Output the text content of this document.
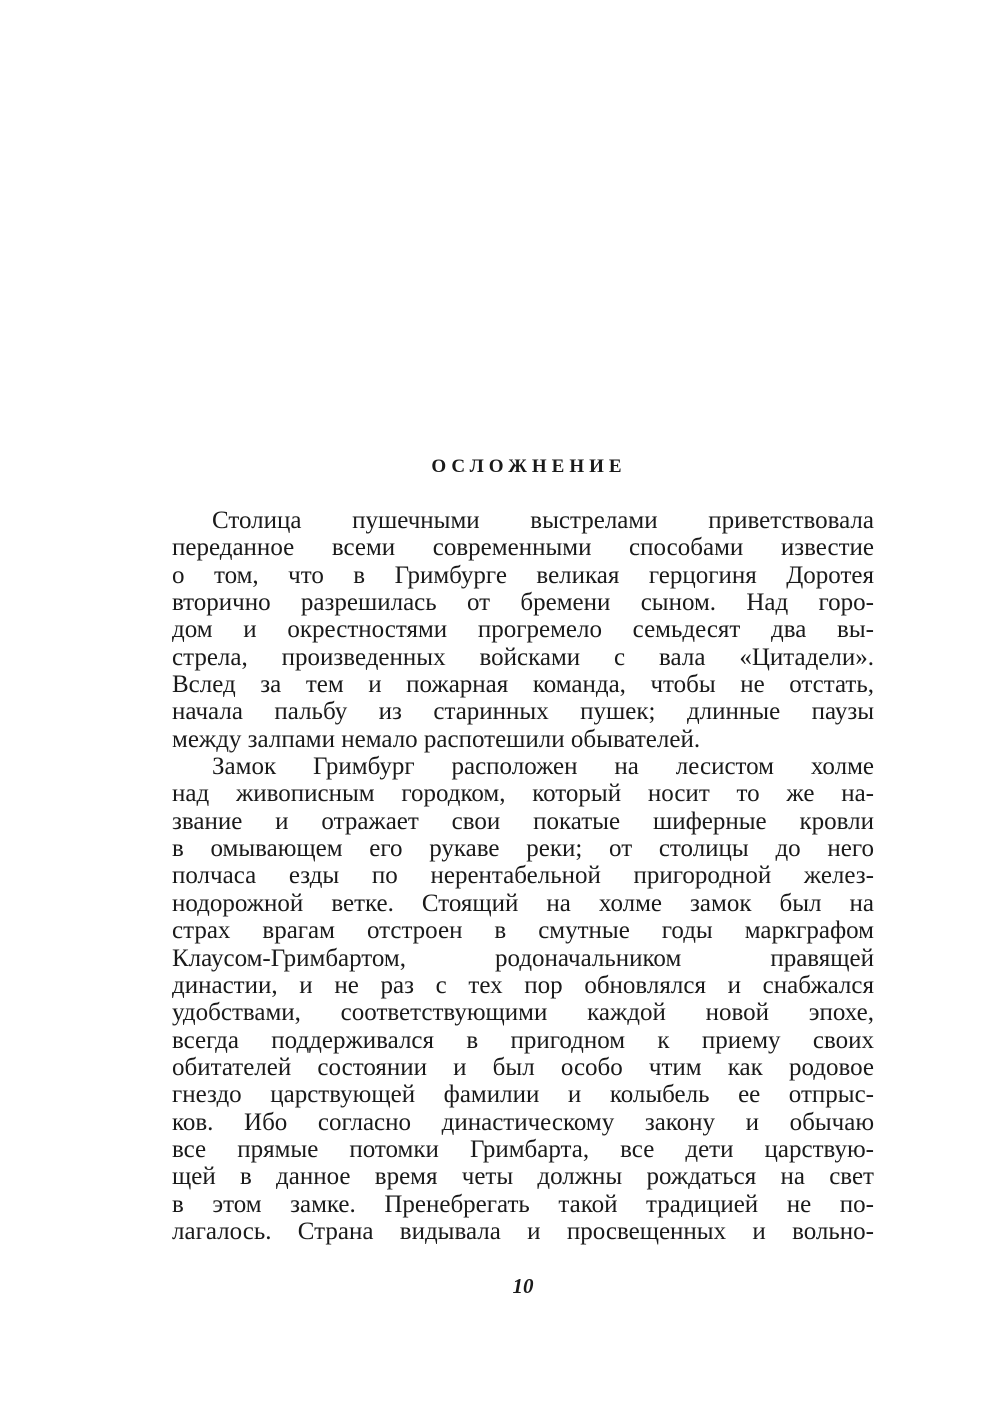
ОСЛОЖНЕНИЕ

Столица пушечными выстрелами приветствовала
переданное всеми современными способами известие
о том, что в Гримбурге великая герцогиня Доротея
вторично разрешилась от бремени сыном. Над горо-
дом и окрестностями прогремело семьдесят два вы-
стрела, произведенных войсками с вала «Цитадели».
Вслед за тем и пожарная команда, чтобы не отстать,
начала пальбу из старинных пушек; длинные паузы
между залпами немало распотешили обывателей.

Замок Гримбург расположен на лесистом холме
над живописным городком, который носит то же на-
звание и отражает свои покатые шиферные кровли
в омывающем его рукаве реки; от столицы до него
полчаса езды по нерентабельной пригородной желез-
нодорожной ветке. Стоящий на холме замок был на
страх врагам отстроен в смутные годы маркграфом
Клаусом-Гримбартом, родоначальником правящей
династии, и не раз с тех пор обновлялся и снабжался
удобствами, соответствующими каждой новой эпохе,
всегда поддерживался в пригодном к приему своих
обитателей состоянии и был особо чтим как родовое
гнездо царствующей фамилии и колыбель ее отпрыс-
ков. Ибо согласно династическому закону и обычаю
все прямые потомки Гримбарта, все дети царствую-
щей в данное время четы должны рождаться на свет
в этом замке. Пренебрегать такой традицией не по-
лагалось. Страна видывала и просвещенных и вольно-

10
